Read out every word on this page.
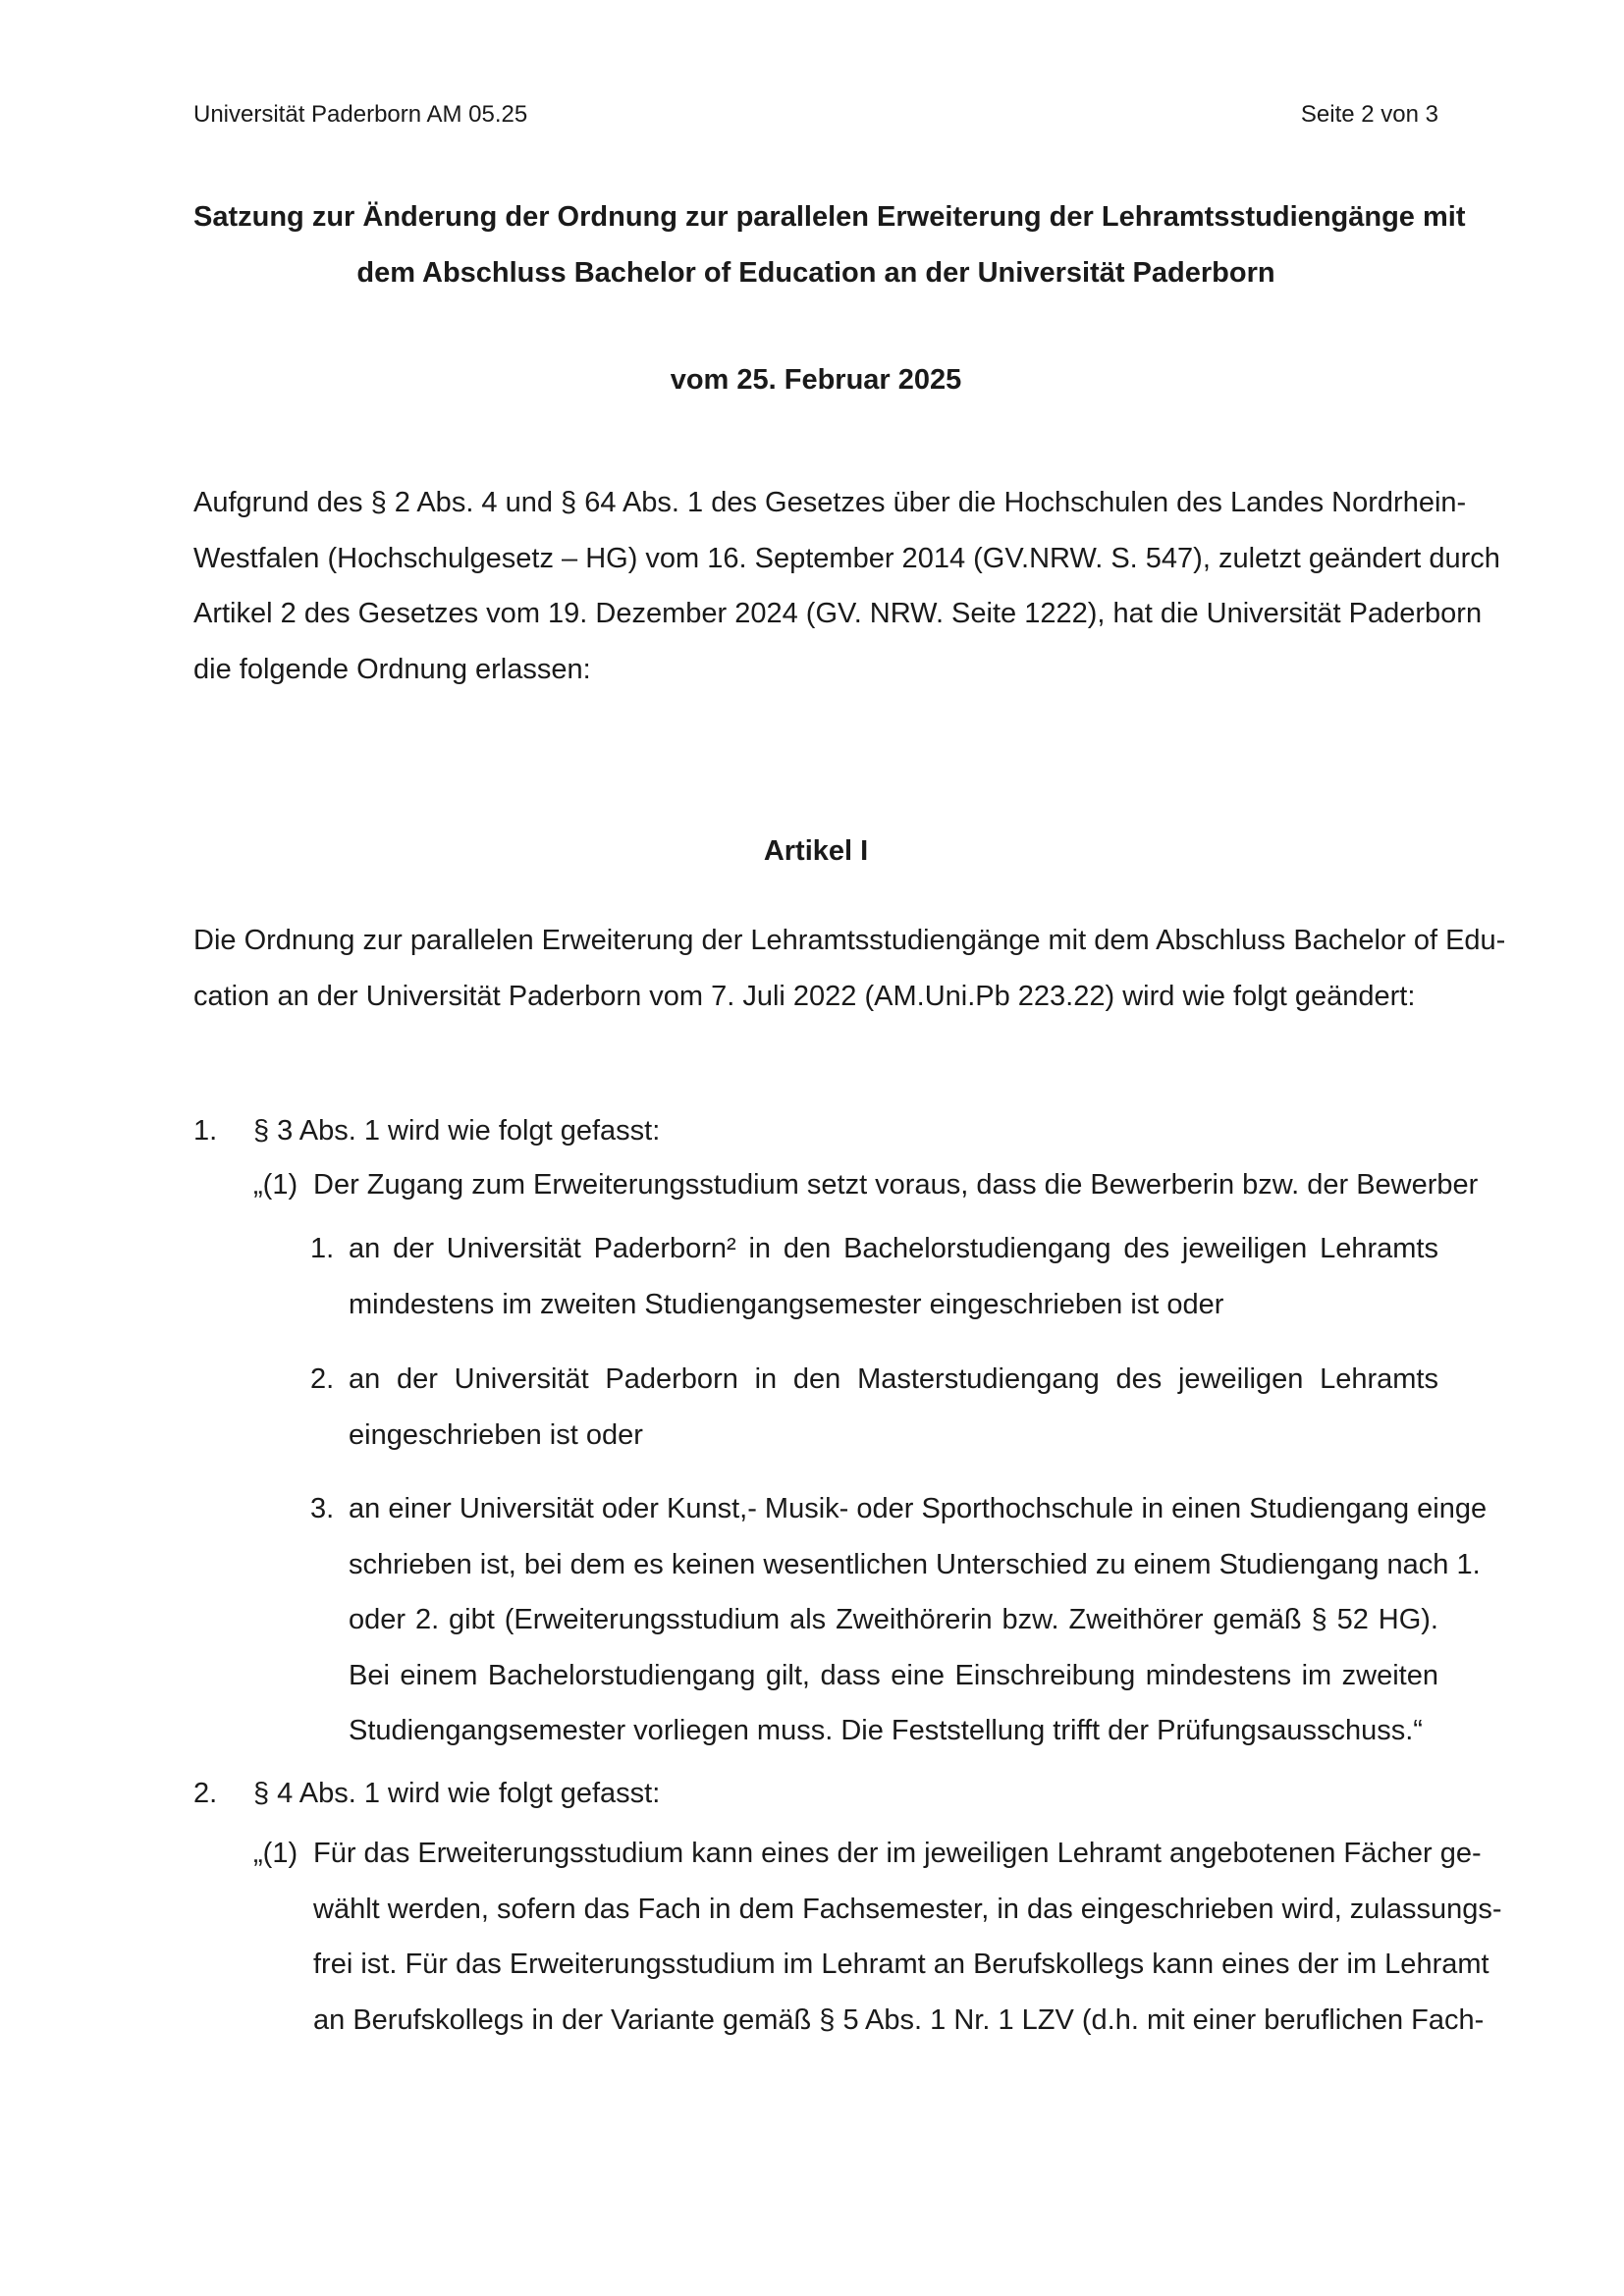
Universität Paderborn AM 05.25	Seite 2 von 3
Satzung zur Änderung der Ordnung zur parallelen Erweiterung der Lehramtsstudiengänge mit
dem Abschluss Bachelor of Education an der Universität Paderborn
vom 25. Februar 2025
Aufgrund des § 2 Abs. 4 und § 64 Abs. 1 des Gesetzes über die Hochschulen des Landes Nordrhein-
Westfalen (Hochschulgesetz – HG) vom 16. September 2014 (GV.NRW. S. 547), zuletzt geändert durch
Artikel 2 des Gesetzes vom 19. Dezember 2024 (GV. NRW. Seite 1222), hat die Universität Paderborn
die folgende Ordnung erlassen:
Artikel I
Die Ordnung zur parallelen Erweiterung der Lehramtsstudiengänge mit dem Abschluss Bachelor of Edu-
cation an der Universität Paderborn vom 7. Juli 2022 (AM.Uni.Pb 223.22) wird wie folgt geändert:
1. § 3 Abs. 1 wird wie folgt gefasst:
„(1) Der Zugang zum Erweiterungsstudium setzt voraus, dass die Bewerberin bzw. der Bewerber
1. an der Universität Paderborn² in den Bachelorstudiengang des jeweiligen Lehramts
mindestens im zweiten Studiengangsemester eingeschrieben ist oder
2. an der Universität Paderborn in den Masterstudiengang des jeweiligen Lehramts
eingeschrieben ist oder
3. an einer Universität oder Kunst,- Musik- oder Sporthochschule in einen Studiengang einge
schrieben ist, bei dem es keinen wesentlichen Unterschied zu einem Studiengang nach 1.
oder 2. gibt (Erweiterungsstudium als Zweithörerin bzw. Zweithörer gemäß § 52 HG).
Bei einem Bachelorstudiengang gilt, dass eine Einschreibung mindestens im zweiten
Studiengangsemester vorliegen muss. Die Feststellung trifft der Prüfungsausschuss.“
2. § 4 Abs. 1 wird wie folgt gefasst:
„(1) Für das Erweiterungsstudium kann eines der im jeweiligen Lehramt angebotenen Fächer ge-
wählt werden, sofern das Fach in dem Fachsemester, in das eingeschrieben wird, zulassungs-
frei ist. Für das Erweiterungsstudium im Lehramt an Berufskollegs kann eines der im Lehramt
an Berufskollegs in der Variante gemäß § 5 Abs. 1 Nr. 1 LZV (d.h. mit einer beruflichen Fach-
